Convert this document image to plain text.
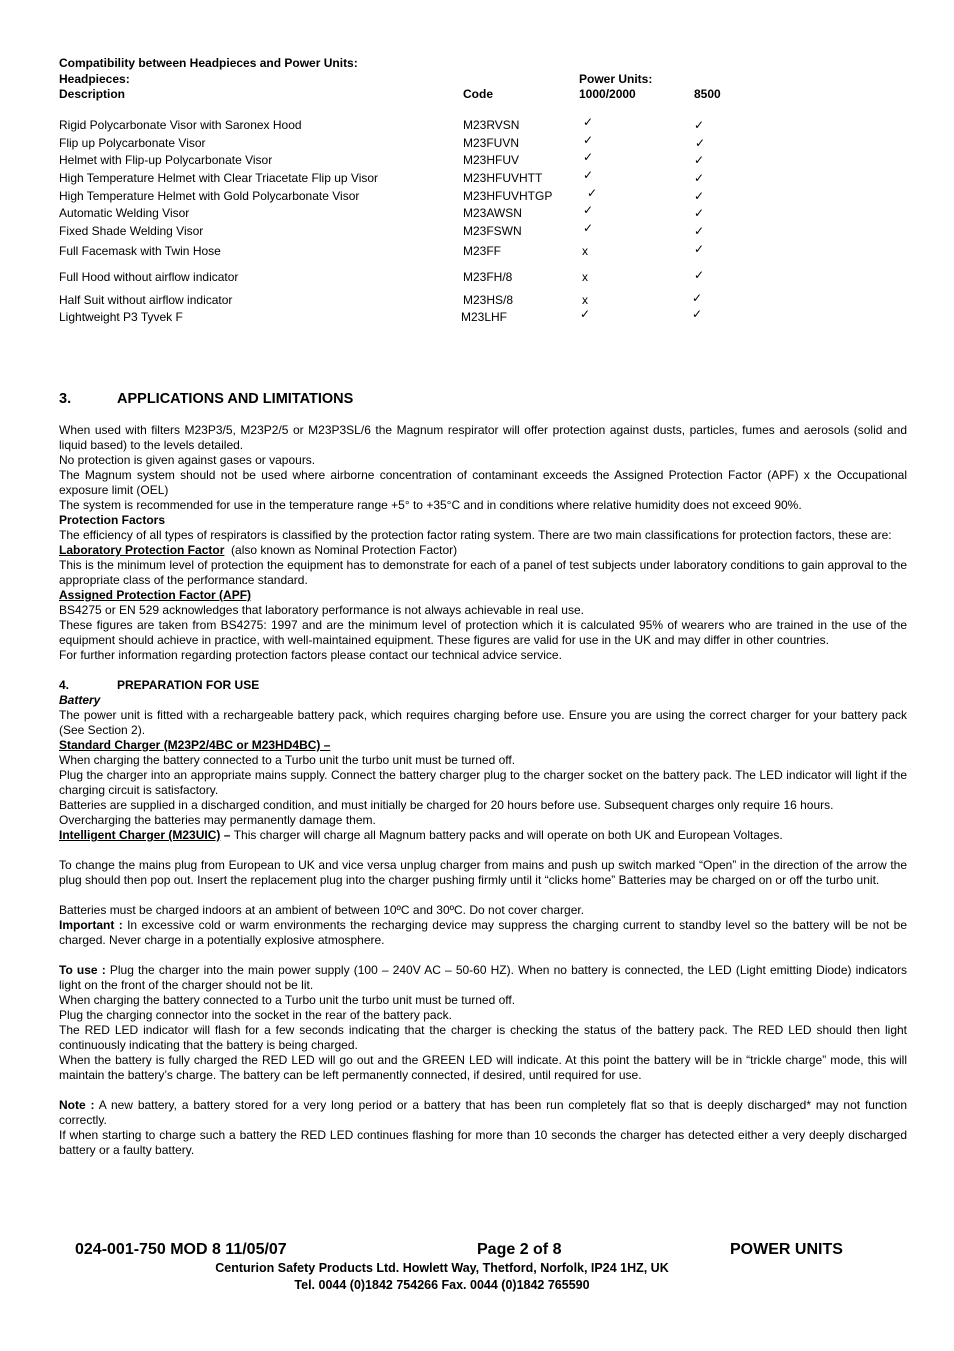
Compatibility between Headpieces and Power Units:
Headpieces:	Power Units:
Description	Code	1000/2000	8500
Rigid Polycarbonate Visor with Saronex Hood	M23RVSN	✓	✓
Flip up Polycarbonate Visor	M23FUVN	✓	✓
Helmet with Flip-up Polycarbonate Visor	M23HFUV	✓	✓
High Temperature Helmet with Clear Triacetate Flip up Visor	M23HFUVHTT	✓	✓
High Temperature Helmet with Gold Polycarbonate Visor	M23HFUVHTGP	✓	✓
Automatic Welding Visor	M23AWSN	✓	✓
Fixed Shade Welding Visor	M23FSWN	✓	✓
Full Facemask with Twin Hose	M23FF	x	✓
Full Hood without airflow indicator	M23FH/8	x	✓
Half Suit without airflow indicator	M23HS/8	x	✓
Lightweight P3 Tyvek F	M23LHF	✓	✓
3.	APPLICATIONS AND LIMITATIONS

When used with filters M23P3/5, M23P2/5 or M23P3SL/6 the Magnum respirator will offer protection against dusts, particles, fumes and aerosols (solid and liquid based) to the levels detailed.

No protection is given against gases or vapours.

The Magnum system should not be used where airborne concentration of contaminant exceeds the Assigned Protection Factor (APF) x the Occupational exposure limit (OEL)

The system is recommended for use in the temperature range +5° to +35°C and in conditions where relative humidity does not exceed 90%.

Protection Factors

The efficiency of all types of respirators is classified by the protection factor rating system. There are two main classifications for protection factors, these are:

Laboratory Protection Factor  (also known as Nominal Protection Factor)

This is the minimum level of protection the equipment has to demonstrate for each of a panel of test subjects under laboratory conditions to gain approval to the appropriate class of the performance standard.

Assigned Protection Factor (APF)

BS4275 or EN 529 acknowledges that laboratory performance is not always achievable in real use.

These figures are taken from BS4275: 1997 and are the minimum level of protection which it is calculated 95% of wearers who are trained in the use of the equipment should achieve in practice, with well-maintained equipment. These figures are valid for use in the UK and may differ in other countries.

For further information regarding protection factors please contact our technical advice service.

4.	PREPARATION FOR USE

Battery

The power unit is fitted with a rechargeable battery pack, which requires charging before use. Ensure you are using the correct charger for your battery pack (See Section 2).

Standard Charger (M23P2/4BC or M23HD4BC) –

When charging the battery connected to a Turbo unit the turbo unit must be turned off.

Plug the charger into an appropriate mains supply. Connect the battery charger plug to the charger socket on the battery pack. The LED indicator will light if the charging circuit is satisfactory.

Batteries are supplied in a discharged condition, and must initially be charged for 20 hours before use. Subsequent charges only require 16 hours.

Overcharging the batteries may permanently damage them.

Intelligent Charger (M23UIC) – This charger will charge all Magnum battery packs and will operate on both UK and European Voltages.

To change the mains plug from European to UK and vice versa unplug charger from mains and push up switch marked “Open” in the direction of the arrow the plug should then pop out. Insert the replacement plug into the charger pushing firmly until it “clicks home” Batteries may be charged on or off the turbo unit.

Batteries must be charged indoors at an ambient of between 10ºC and 30ºC. Do not cover charger.

Important : In excessive cold or warm environments the recharging device may suppress the charging current to standby level so the battery will be not be charged. Never charge in a potentially explosive atmosphere.

To use : Plug the charger into the main power supply (100 – 240V AC – 50-60 HZ). When no battery is connected, the LED (Light emitting Diode) indicators light on the front of the charger should not be lit.

When charging the battery connected to a Turbo unit the turbo unit must be turned off.

Plug the charging connector into the socket in the rear of the battery pack.

The RED LED indicator will flash for a few seconds indicating that the charger is checking the status of the battery pack. The RED LED should then light continuously indicating that the battery is being charged.

When the battery is fully charged the RED LED will go out and the GREEN LED will indicate. At this point the battery will be in “trickle charge” mode, this will maintain the battery’s charge. The battery can be left permanently connected, if desired, until required for use.

Note : A new battery, a battery stored for a very long period or a battery that has been run completely flat so that is deeply discharged* may not function correctly.

If when starting to charge such a battery the RED LED continues flashing for more than 10 seconds the charger has detected either a very deeply discharged battery or a faulty battery.

024-001-750 MOD 8 11/05/07	Page 2 of 8	POWER UNITS
Centurion Safety Products Ltd. Howlett Way, Thetford, Norfolk, IP24 1HZ, UK
Tel. 0044 (0)1842 754266 Fax. 0044 (0)1842 765590
